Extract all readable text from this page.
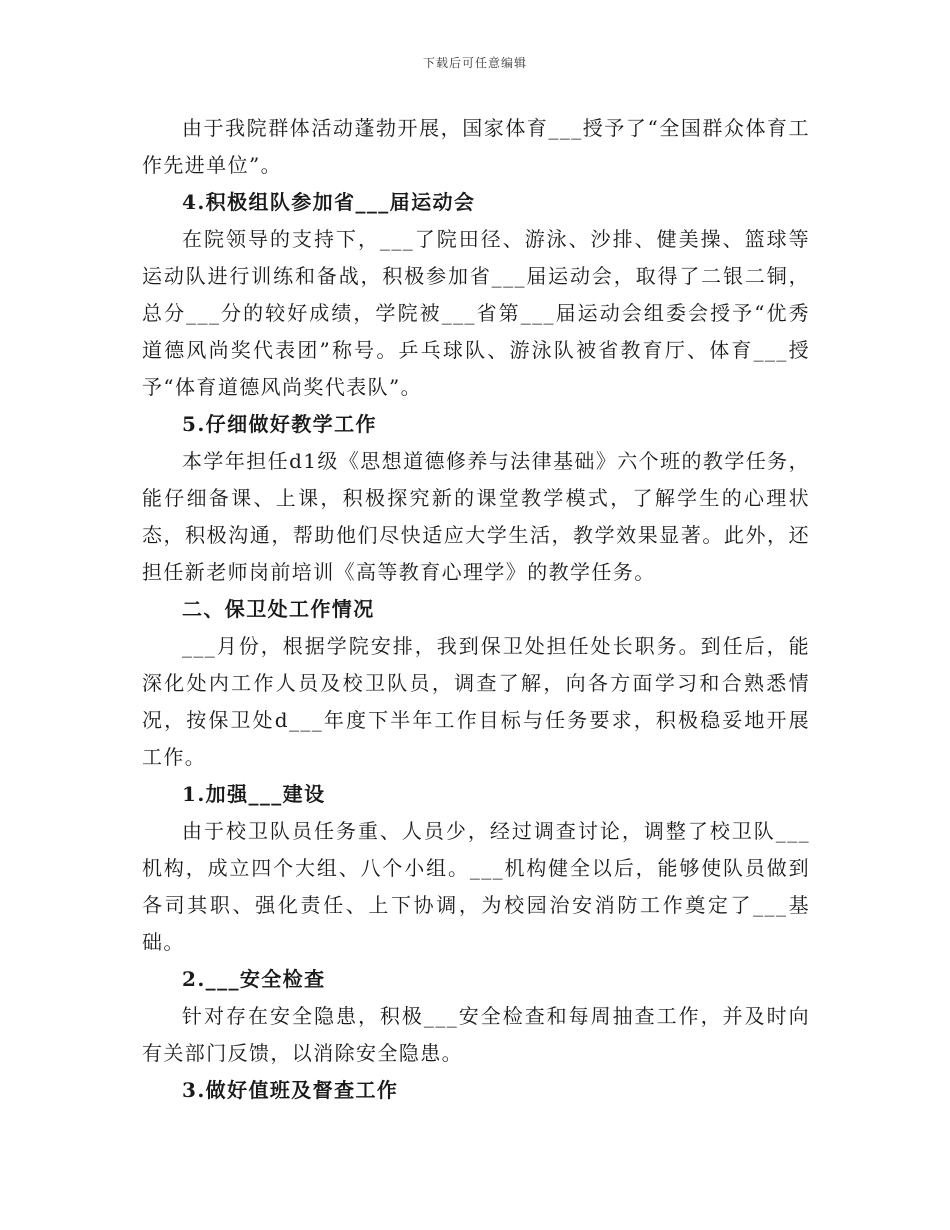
下载后可任意编辑

由于我院群体活动蓬勃开展，国家体育___授予了“全国群众体育工作先进单位”。

4.积极组队参加省___届运动会

在院领导的支持下，___了院田径、游泳、沙排、健美操、篮球等运动队进行训练和备战，积极参加省___届运动会，取得了二银二铜，总分___分的较好成绩，学院被___省第___届运动会组委会授予“优秀道德风尚奖代表团”称号。乒乓球队、游泳队被省教育厅、体育___授予“体育道德风尚奖代表队”。

5.仔细做好教学工作

本学年担任d1级《思想道德修养与法律基础》六个班的教学任务，能仔细备课、上课，积极探究新的课堂教学模式，了解学生的心理状态，积极沟通，帮助他们尽快适应大学生活，教学效果显著。此外，还担任新老师岗前培训《高等教育心理学》的教学任务。

二、保卫处工作情况

___月份，根据学院安排，我到保卫处担任处长职务。到任后，能深化处内工作人员及校卫队员，调查了解，向各方面学习和合熟悉情况，按保卫处d___年度下半年工作目标与任务要求，积极稳妥地开展工作。

1.加强___建设

由于校卫队员任务重、人员少，经过调查讨论，调整了校卫队___机构，成立四个大组、八个小组。___机构健全以后，能够使队员做到各司其职、强化责任、上下协调，为校园治安消防工作奠定了___基础。

2.___安全检查

针对存在安全隐患，积极___安全检查和每周抽查工作，并及时向有关部门反馈，以消除安全隐患。

3.做好值班及督查工作
